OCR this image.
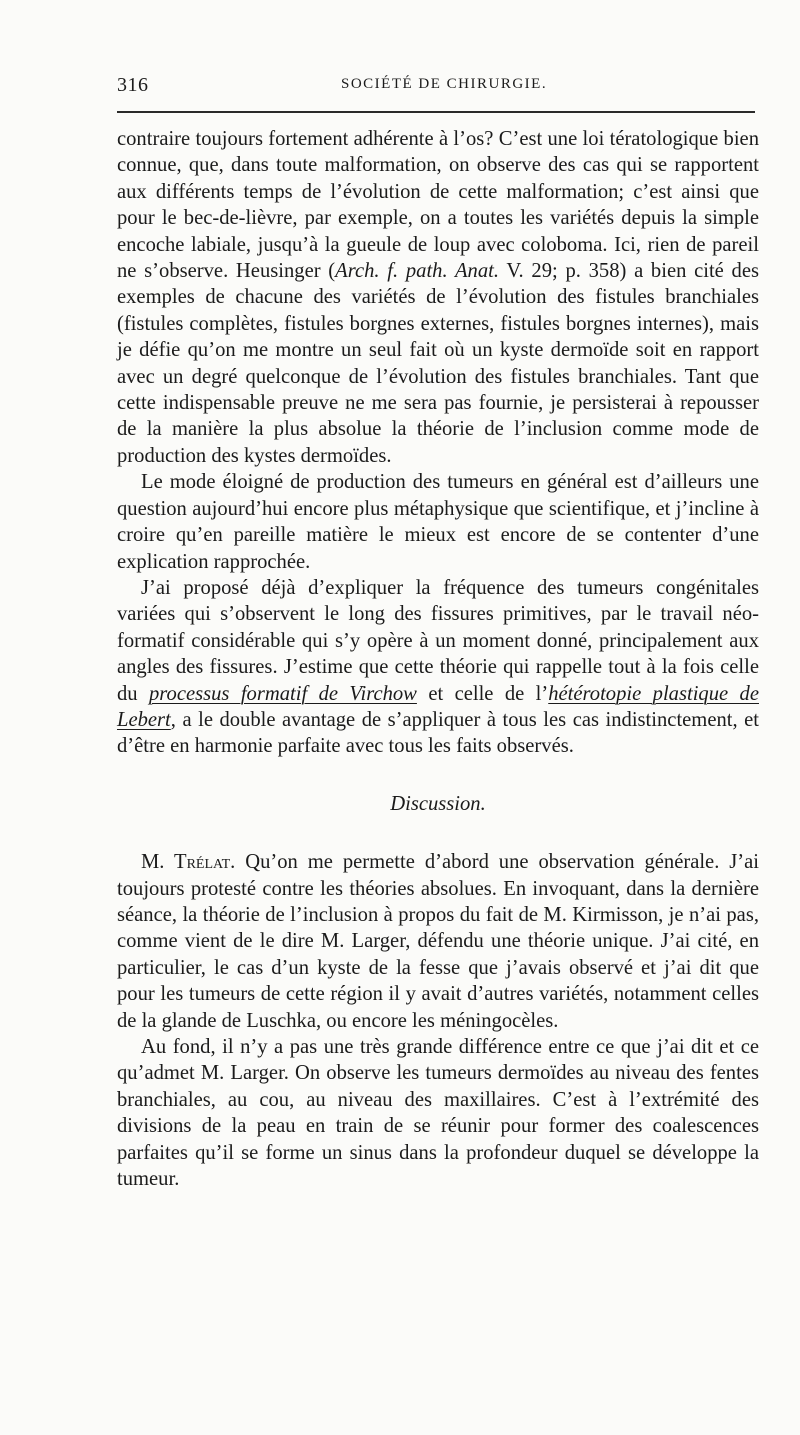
316	SOCIÉTÉ DE CHIRURGIE.

contraire toujours fortement adhérente à l’os? C’est une loi tératologique bien connue, que, dans toute malformation, on observe des cas qui se rapportent aux différents temps de l’évolution de cette malformation; c’est ainsi que pour le bec-de-lièvre, par exemple, on a toutes les variétés depuis la simple encoche labiale, jusqu’à la gueule de loup avec coloboma. Ici, rien de pareil ne s’observe. Heusinger (Arch. f. path. Anat. V. 29; p. 358) a bien cité des exemples de chacune des variétés de l’évolution des fistules branchiales (fistules complètes, fistules borgnes externes, fistules borgnes internes), mais je défie qu’on me montre un seul fait où un kyste dermoïde soit en rapport avec un degré quelconque de l’évolution des fistules branchiales. Tant que cette indispensable preuve ne me sera pas fournie, je persisterai à repousser de la manière la plus absolue la théorie de l’inclusion comme mode de production des kystes dermoïdes.

Le mode éloigné de production des tumeurs en général est d’ailleurs une question aujourd’hui encore plus métaphysique que scientifique, et j’incline à croire qu’en pareille matière le mieux est encore de se contenter d’une explication rapprochée.

J’ai proposé déjà d’expliquer la fréquence des tumeurs congénitales variées qui s’observent le long des fissures primitives, par le travail néo-formatif considérable qui s’y opère à un moment donné, principalement aux angles des fissures. J’estime que cette théorie qui rappelle tout à la fois celle du processus formatif de Virchow et celle de l’hétérotopie plastique de Lebert, a le double avantage de s’appliquer à tous les cas indistinctement, et d’être en harmonie parfaite avec tous les faits observés.

Discussion.

M. Trélat. Qu’on me permette d’abord une observation générale. J’ai toujours protesté contre les théories absolues. En invoquant, dans la dernière séance, la théorie de l’inclusion à propos du fait de M. Kirmisson, je n’ai pas, comme vient de le dire M. Larger, défendu une théorie unique. J’ai cité, en particulier, le cas d’un kyste de la fesse que j’avais observé et j’ai dit que pour les tumeurs de cette région il y avait d’autres variétés, notamment celles de la glande de Luschka, ou encore les méningocèles.

Au fond, il n’y a pas une très grande différence entre ce que j’ai dit et ce qu’admet M. Larger. On observe les tumeurs dermoïdes au niveau des fentes branchiales, au cou, au niveau des maxillaires. C’est à l’extrémité des divisions de la peau en train de se réunir pour former des coalescences parfaites qu’il se forme un sinus dans la profondeur duquel se développe la tumeur.
